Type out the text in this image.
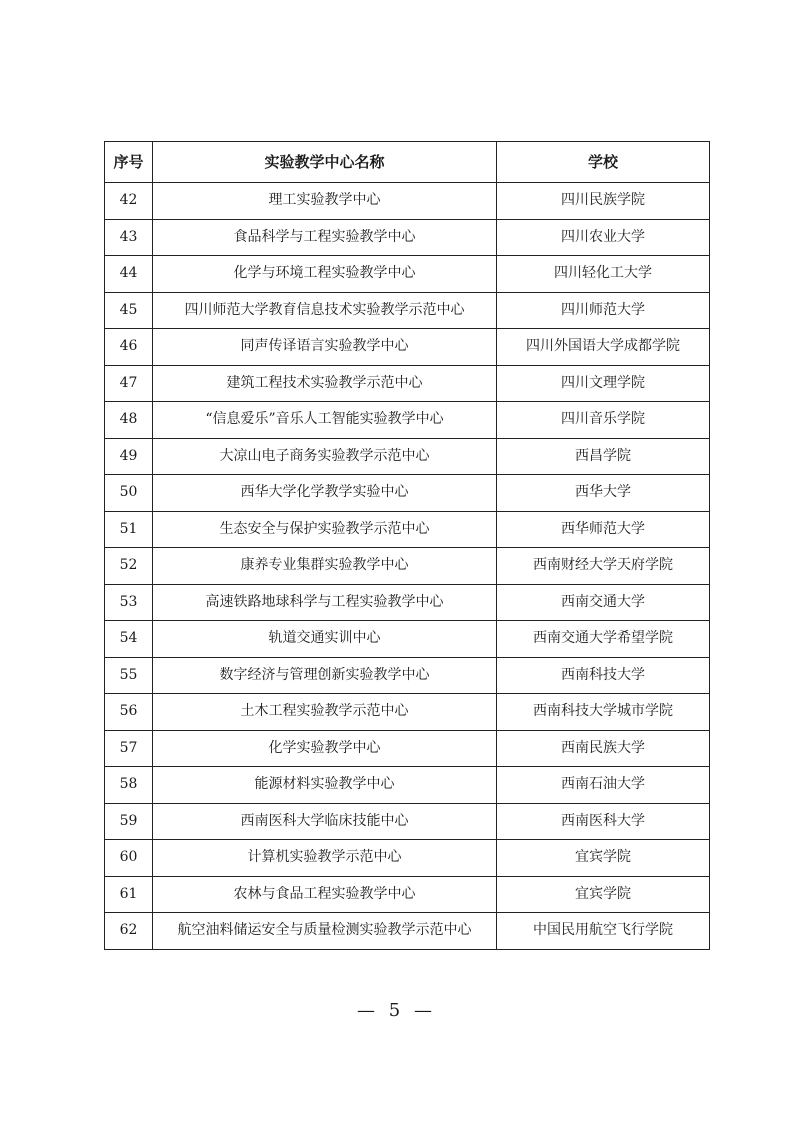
序号	实验教学中心名称	学校
42	理工实验教学中心	四川民族学院
43	食品科学与工程实验教学中心	四川农业大学
44	化学与环境工程实验教学中心	四川轻化工大学
45	四川师范大学教育信息技术实验教学示范中心	四川师范大学
46	同声传译语言实验教学中心	四川外国语大学成都学院
47	建筑工程技术实验教学示范中心	四川文理学院
48	“信息爱乐”音乐人工智能实验教学中心	四川音乐学院
49	大凉山电子商务实验教学示范中心	西昌学院
50	西华大学化学教学实验中心	西华大学
51	生态安全与保护实验教学示范中心	西华师范大学
52	康养专业集群实验教学中心	西南财经大学天府学院
53	高速铁路地球科学与工程实验教学中心	西南交通大学
54	轨道交通实训中心	西南交通大学希望学院
55	数字经济与管理创新实验教学中心	西南科技大学
56	土木工程实验教学示范中心	西南科技大学城市学院
57	化学实验教学中心	西南民族大学
58	能源材料实验教学中心	西南石油大学
59	西南医科大学临床技能中心	西南医科大学
60	计算机实验教学示范中心	宜宾学院
61	农林与食品工程实验教学中心	宜宾学院
62	航空油料储运安全与质量检测实验教学示范中心	中国民用航空飞行学院
— 5 —
